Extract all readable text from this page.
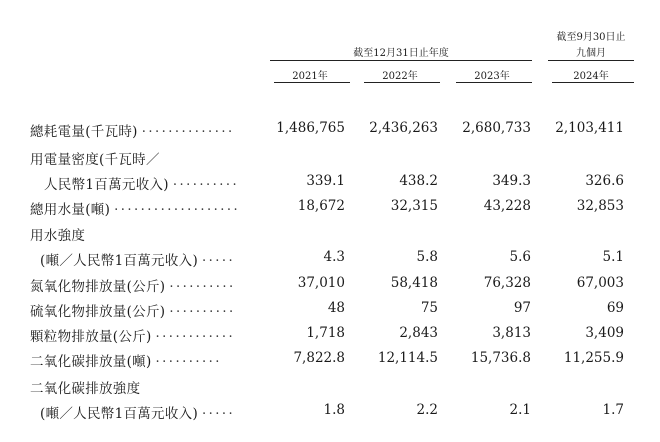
截至12月31日止年度
截至9月30日止
九個月
2021年	2022年	2023年	2024年
總耗電量(千瓦時) ..............	1,486,765	2,436,263	2,680,733	2,103,411
用電量密度(千瓦時／
人民幣1百萬元收入) ..........	339.1	438.2	349.3	326.6
總用水量(噸) ...................	18,672	32,315	43,228	32,853
用水強度
(噸／人民幣1百萬元收入) .....	4.3	5.8	5.6	5.1
氮氧化物排放量(公斤) ..........	37,010	58,418	76,328	67,003
硫氧化物排放量(公斤) ..........	48	75	97	69
顆粒物排放量(公斤) ............	1,718	2,843	3,813	3,409
二氧化碳排放量(噸) ..........	7,822.8	12,114.5	15,736.8	11,255.9
二氧化碳排放強度
(噸／人民幣1百萬元收入) .....	1.8	2.2	2.1	1.7
